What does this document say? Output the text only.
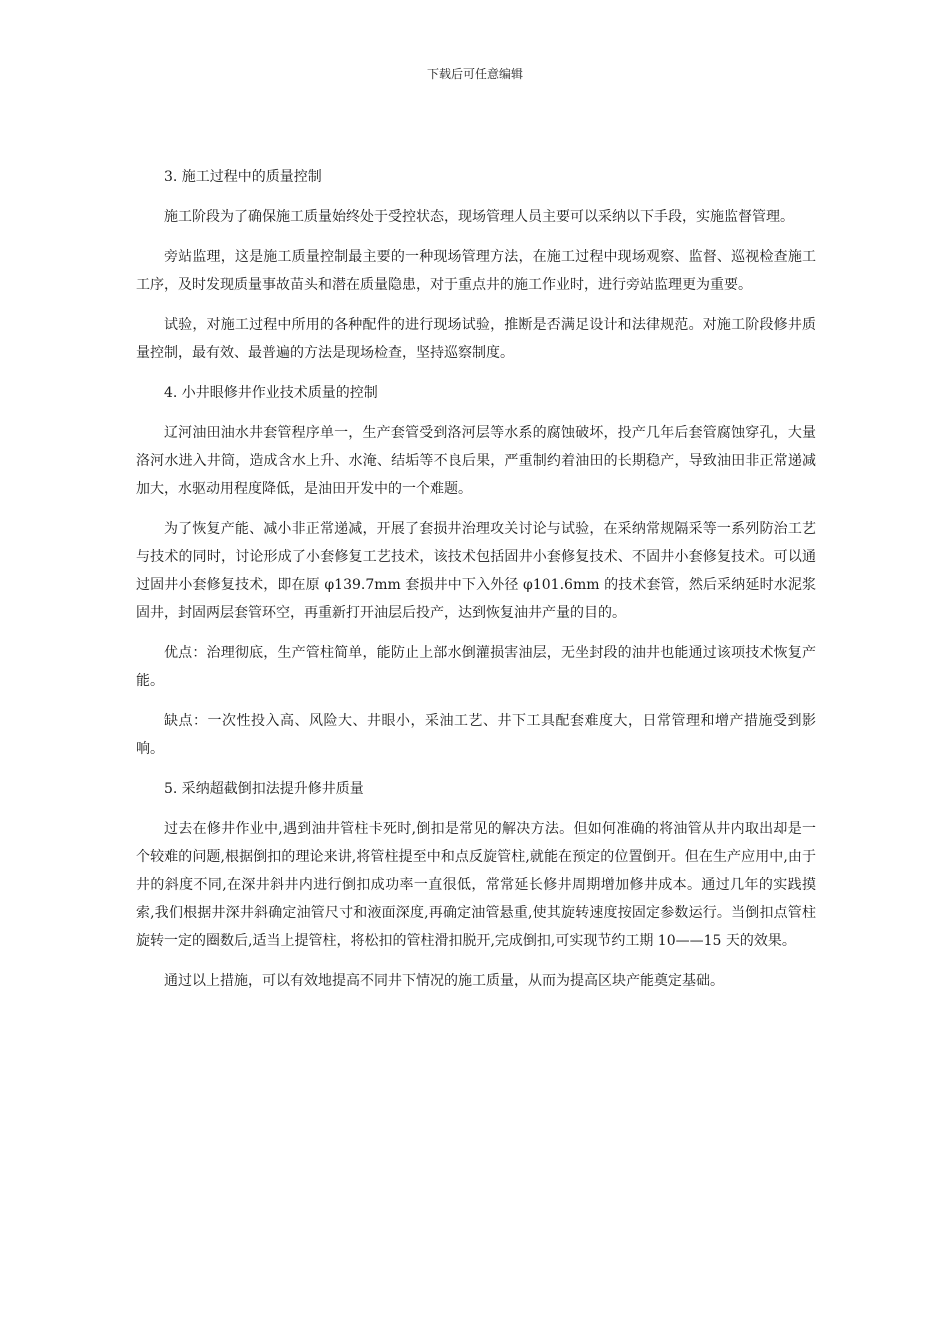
下载后可任意编辑

3. 施工过程中的质量控制

施工阶段为了确保施工质量始终处于受控状态，现场管理人员主要可以采纳以下手段，实施监督管理。

旁站监理，这是施工质量控制最主要的一种现场管理方法，在施工过程中现场观察、监督、巡视检查施工工序，及时发现质量事故苗头和潜在质量隐患，对于重点井的施工作业时，进行旁站监理更为重要。

试验，对施工过程中所用的各种配件的进行现场试验，推断是否满足设计和法律规范。对施工阶段修井质量控制，最有效、最普遍的方法是现场检查，坚持巡察制度。

4. 小井眼修井作业技术质量的控制

辽河油田油水井套管程序单一，生产套管受到洛河层等水系的腐蚀破坏，投产几年后套管腐蚀穿孔，大量洛河水进入井筒，造成含水上升、水淹、结垢等不良后果，严重制约着油田的长期稳产，导致油田非正常递减加大，水驱动用程度降低，是油田开发中的一个难题。

为了恢复产能、减小非正常递减，开展了套损井治理攻关讨论与试验，在采纳常规隔采等一系列防治工艺与技术的同时，讨论形成了小套修复工艺技术，该技术包括固井小套修复技术、不固井小套修复技术。可以通过固井小套修复技术，即在原 φ139.7mm 套损井中下入外径 φ101.6mm 的技术套管，然后采纳延时水泥浆固井，封固两层套管环空，再重新打开油层后投产，达到恢复油井产量的目的。

优点：治理彻底，生产管柱简单，能防止上部水倒灌损害油层，无坐封段的油井也能通过该项技术恢复产能。

缺点：一次性投入高、风险大、井眼小，采油工艺、井下工具配套难度大，日常管理和增产措施受到影响。

5. 采纳超截倒扣法提升修井质量

过去在修井作业中,遇到油井管柱卡死时,倒扣是常见的解决方法。但如何准确的将油管从井内取出却是一个较难的问题,根据倒扣的理论来讲,将管柱提至中和点反旋管柱,就能在预定的位置倒开。但在生产应用中,由于井的斜度不同,在深井斜井内进行倒扣成功率一直很低，常常延长修井周期增加修井成本。通过几年的实践摸索,我们根据井深井斜确定油管尺寸和液面深度,再确定油管悬重,使其旋转速度按固定参数运行。当倒扣点管柱旋转一定的圈数后,适当上提管柱，将松扣的管柱滑扣脱开,完成倒扣,可实现节约工期 10——15 天的效果。

通过以上措施，可以有效地提高不同井下情况的施工质量，从而为提高区块产能奠定基础。
